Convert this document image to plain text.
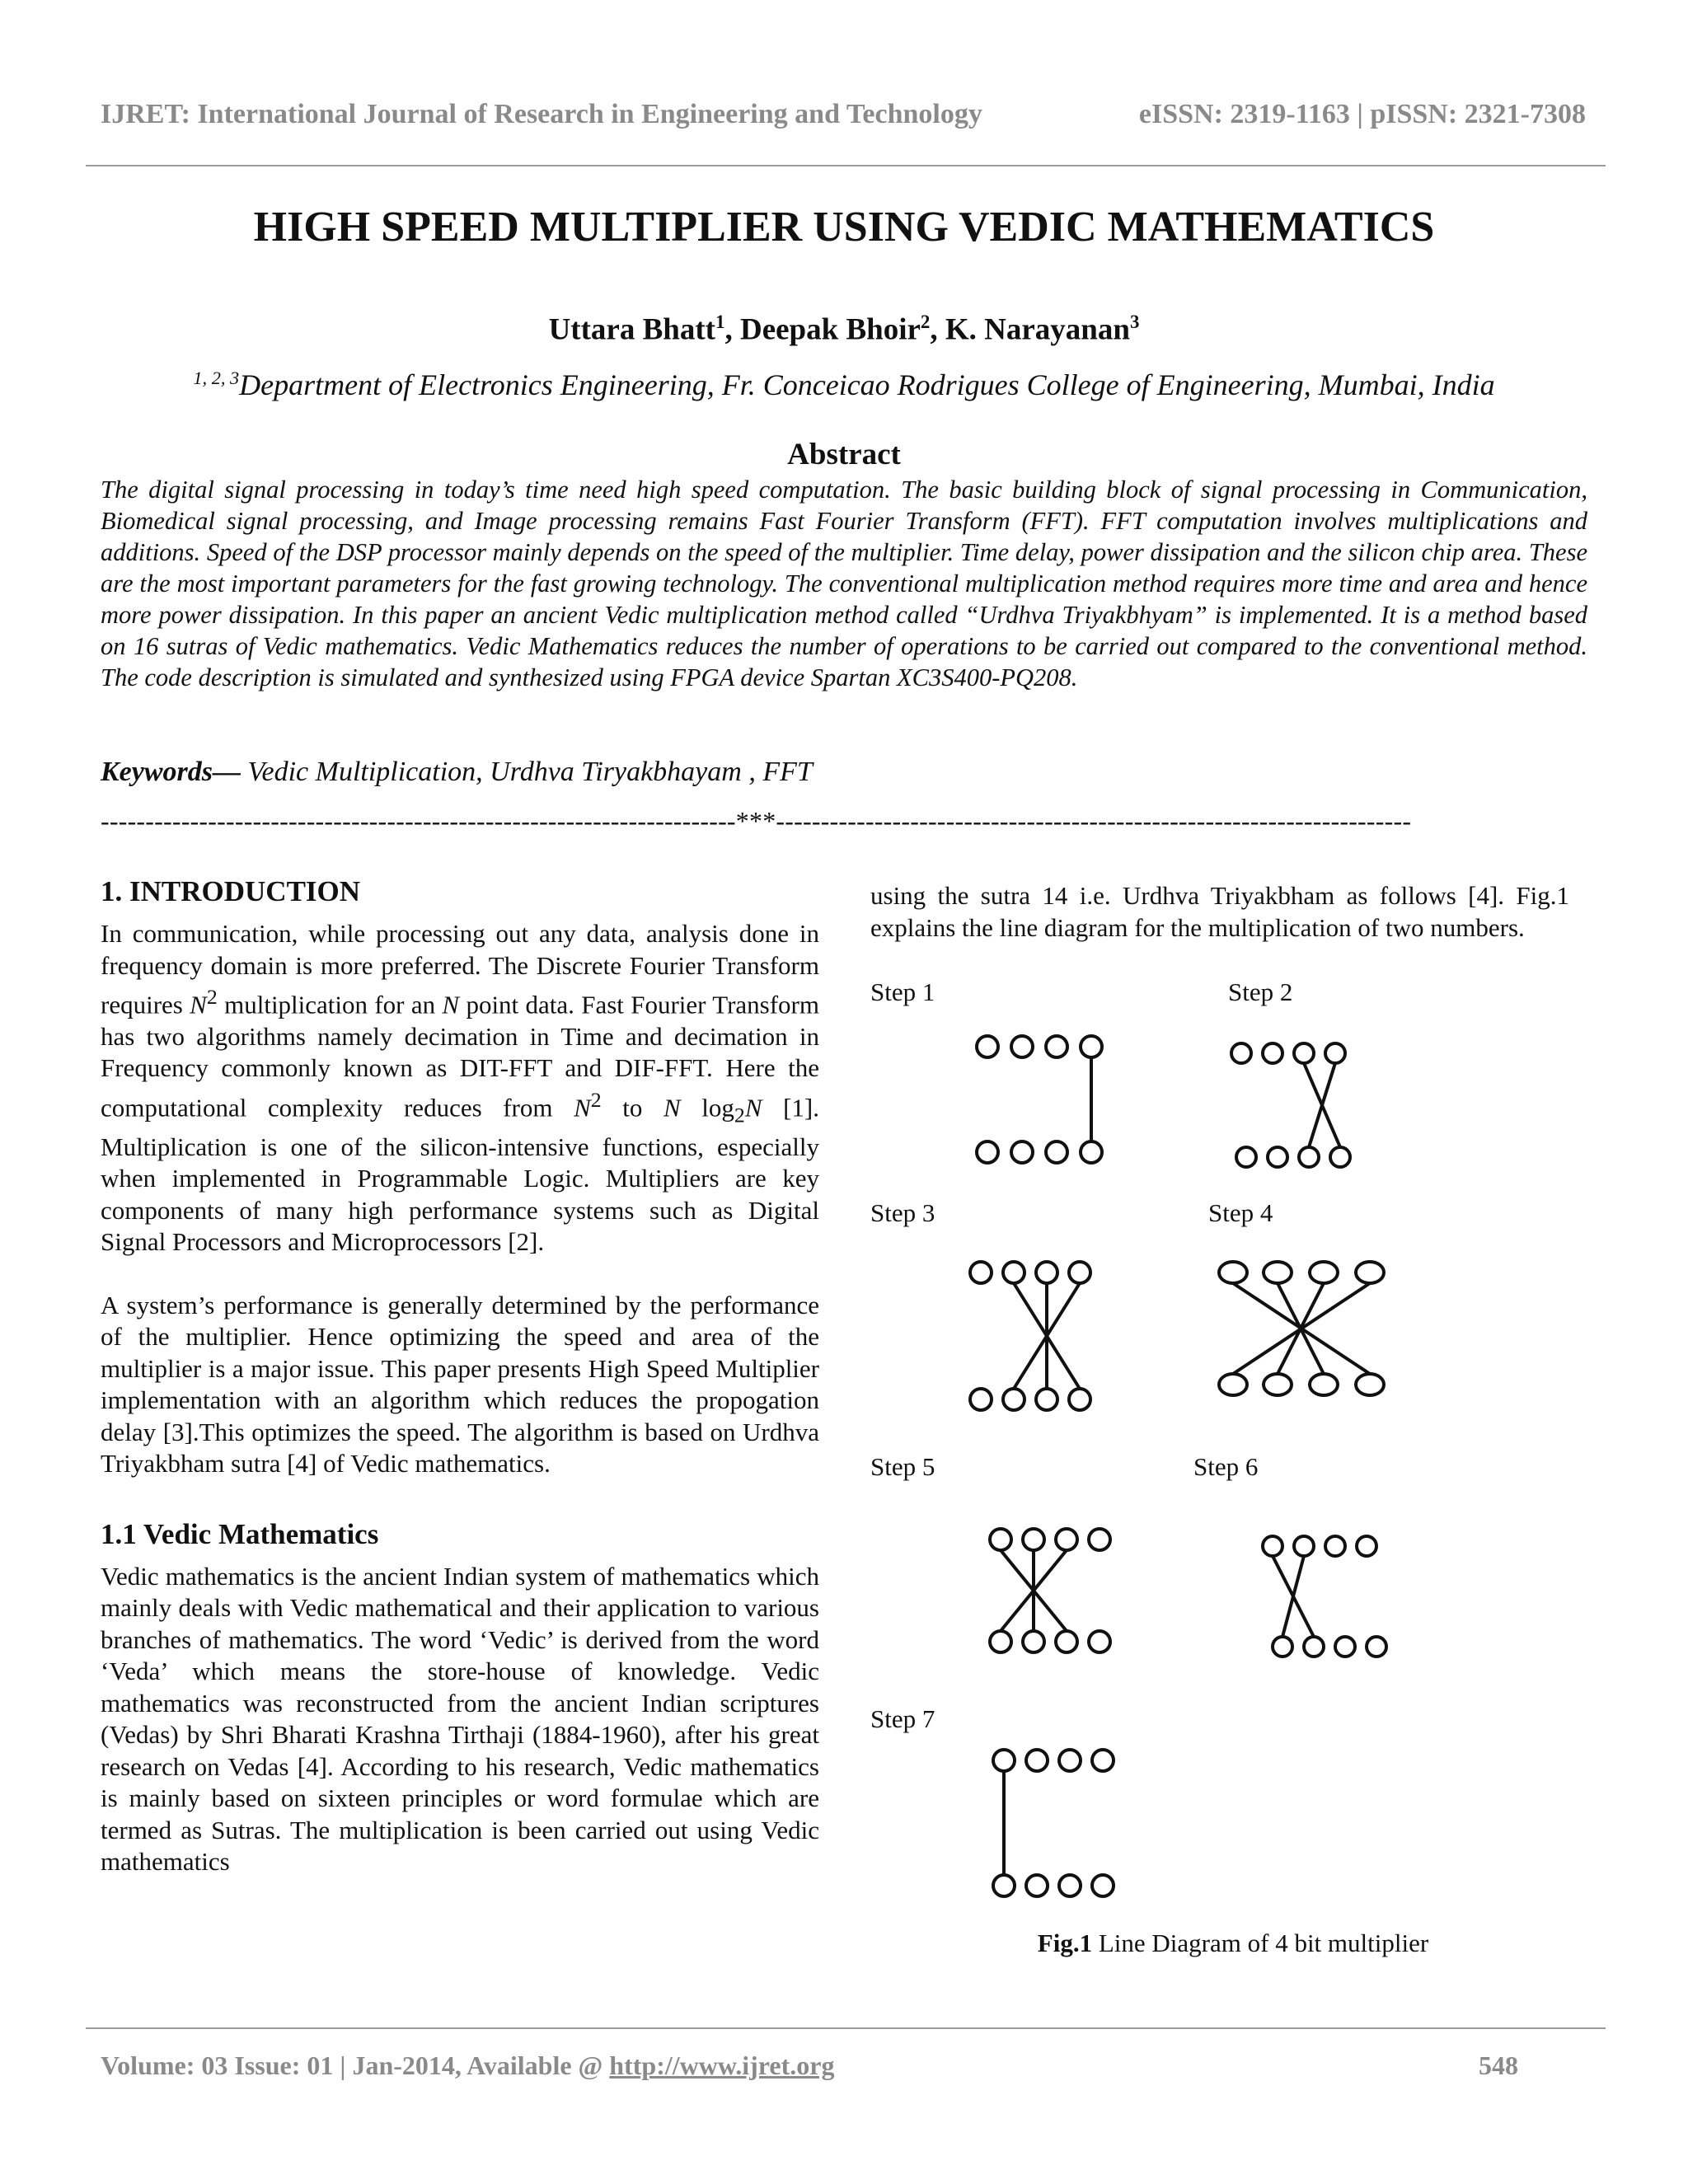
IJRET: International Journal of Research in Engineering and Technology	eISSN: 2319-1163 | pISSN: 2321-7308
HIGH SPEED MULTIPLIER USING VEDIC MATHEMATICS
Uttara Bhatt$^1$, Deepak Bhoir$^2$, K. Narayanan$^3$
$^{1, 2, 3}$Department of Electronics Engineering, Fr. Conceicao Rodrigues College of Engineering, Mumbai, India
Abstract
The digital signal processing in today’s time need high speed computation. The basic building block of signal processing in Communication, Biomedical signal processing, and Image processing remains Fast Fourier Transform (FFT). FFT computation involves multiplications and additions. Speed of the DSP processor mainly depends on the speed of the multiplier. Time delay, power dissipation and the silicon chip area. These are the most important parameters for the fast growing technology. The conventional multiplication method requires more time and area and hence more power dissipation. In this paper an ancient Vedic multiplication method called “Urdhva Triyakbhyam” is implemented. It is a method based on 16 sutras of Vedic mathematics. Vedic Mathematics reduces the number of operations to be carried out compared to the conventional method. The code description is simulated and synthesized using FPGA device Spartan XC3S400-PQ208.
Keywords— Vedic Multiplication, Urdhva Tiryakbhayam , FFT
-----------------------------------------------------------------------***-----------------------------------------------------------------------
1. INTRODUCTION

In communication, while processing out any data, analysis done in frequency domain is more preferred. The Discrete Fourier Transform requires $N^2$ multiplication for an N point data. Fast Fourier Transform has two algorithms namely decimation in Time and decimation in Frequency commonly known as DIT-FFT and DIF-FFT. Here the computational complexity reduces from $N^2$ to N $\log_2N$ [1]. Multiplication is one of the silicon-intensive functions, especially when implemented in Programmable Logic. Multipliers are key components of many high performance systems such as Digital Signal Processors and Microprocessors [2].

A system’s performance is generally determined by the performance of the multiplier. Hence optimizing the speed and area of the multiplier is a major issue. This paper presents High Speed Multiplier implementation with an algorithm which reduces the propogation delay [3].This optimizes the speed. The algorithm is based on Urdhva Triyakbham sutra [4] of Vedic mathematics.

1.1 Vedic Mathematics

Vedic mathematics is the ancient Indian system of mathematics which mainly deals with Vedic mathematical and their application to various branches of mathematics. The word ‘Vedic’ is derived from the word ‘Veda’ which means the store-house of knowledge. Vedic mathematics was reconstructed from the ancient Indian scriptures (Vedas) by Shri Bharati Krashna Tirthaji (1884-1960), after his great research on Vedas [4]. According to his research, Vedic mathematics is mainly based on sixteen principles or word formulae which are termed as Sutras. The multiplication is been carried out using Vedic mathematics

using the sutra 14 i.e. Urdhva Triyakbham as follows [4]. Fig.1 explains the line diagram for the multiplication of two numbers.

Step 1	Step 2
Step 3	Step 4
Step 5	Step 6
Step 7
Fig.1 Line Diagram of 4 bit multiplier
Volume: 03 Issue: 01 | Jan-2014, Available @ http://www.ijret.org	548
